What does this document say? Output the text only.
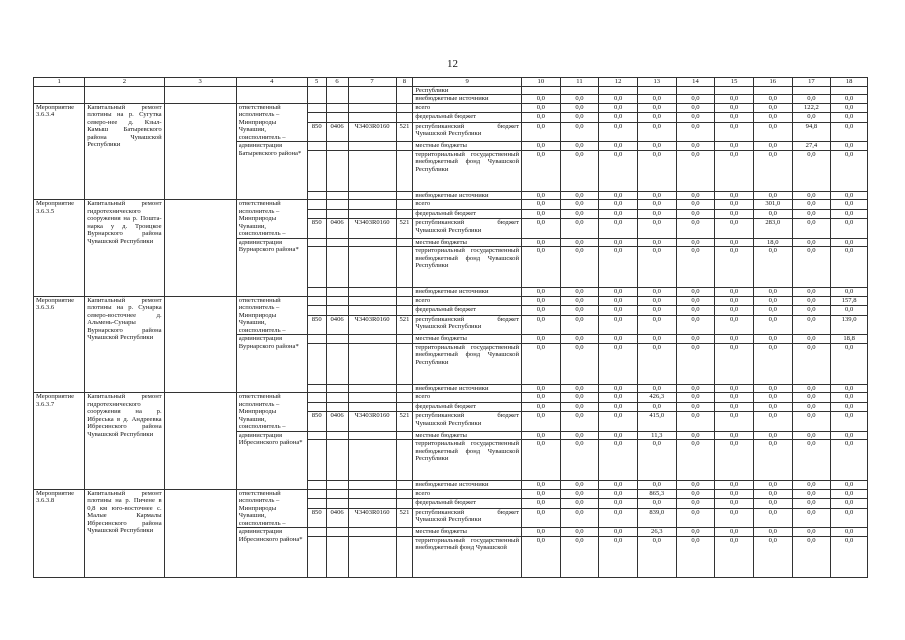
12
1	2	3	4	5	6	7	8	9	10	11	12	13	14	15	16	17	18
								Республики									
								внебюджетные источники	0,0	0,0	0,0	0,0	0,0	0,0	0,0	0,0	0,0
Мероприятие 3.6.3.4	Капитальный ремонт плотины на р. Сугутка северо-нее д. Кзыл-Камыш Батыревского района Чувашской Республики		ответственный исполнитель – Минприроды Чувашии, соисполнитель –					всего	0,0	0,0	0,0	0,0	0,0	0,0	0,0	122,2	0,0
								федеральный бюджет	0,0	0,0	0,0	0,0	0,0	0,0	0,0	0,0	0,0
				850	0406	Ч3403R0160	521	республиканский бюджет Чувашской Республики	0,0	0,0	0,0	0,0	0,0	0,0	0,0	94,8	0,0
			администрация Батыревского района*					местные бюджеты	0,0	0,0	0,0	0,0	0,0	0,0	0,0	27,4	0,0
								территориальный государственный внебюджетный фонд Чувашской Республики	0,0	0,0	0,0	0,0	0,0	0,0	0,0	0,0	0,0
								внебюджетные источники	0,0	0,0	0,0	0,0	0,0	0,0	0,0	0,0	0,0
Мероприятие 3.6.3.5	Капитальный ремонт гидротехнического сооружения на р. Пошта-нарка у д. Троицкое Вурнарского района Чувашской Республики		ответственный исполнитель – Минприроды Чувашии, соисполнитель –					всего	0,0	0,0	0,0	0,0	0,0	0,0	301,0	0,0	0,0
								федеральный бюджет	0,0	0,0	0,0	0,0	0,0	0,0	0,0	0,0	0,0
				850	0406	Ч3403R0160	521	республиканский бюджет Чувашской Республики	0,0	0,0	0,0	0,0	0,0	0,0	283,0	0,0	0,0
			администрация Вурнарского района*					местные бюджеты	0,0	0,0	0,0	0,0	0,0	0,0	18,0	0,0	0,0
								территориальный государственный внебюджетный фонд Чувашской Республики	0,0	0,0	0,0	0,0	0,0	0,0	0,0	0,0	0,0
								внебюджетные источники	0,0	0,0	0,0	0,0	0,0	0,0	0,0	0,0	0,0
Мероприятие 3.6.3.6	Капитальный ремонт плотины на р. Сунарка северо-восточнее д. Альмень-Сунары Вурнарского района Чувашской Республики		ответственный исполнитель – Минприроды Чувашии, соисполнитель –					всего	0,0	0,0	0,0	0,0	0,0	0,0	0,0	0,0	157,8
								федеральный бюджет	0,0	0,0	0,0	0,0	0,0	0,0	0,0	0,0	0,0
				850	0406	Ч3403R0160	521	республиканский бюджет Чувашской Республики	0,0	0,0	0,0	0,0	0,0	0,0	0,0	0,0	139,0
			администрация Вурнарского района*					местные бюджеты	0,0	0,0	0,0	0,0	0,0	0,0	0,0	0,0	18,8
								территориальный государственный внебюджетный фонд Чувашской Республики	0,0	0,0	0,0	0,0	0,0	0,0	0,0	0,0	0,0
								внебюджетные источники	0,0	0,0	0,0	0,0	0,0	0,0	0,0	0,0	0,0
Мероприятие 3.6.3.7	Капитальный ремонт гидротехнического сооружения на р. Ибреська в д. Андреевка Ибресинского района Чувашской Республики		ответственный исполнитель – Минприроды Чувашии, соисполнитель –					всего	0,0	0,0	0,0	426,3	0,0	0,0	0,0	0,0	0,0
								федеральный бюджет	0,0	0,0	0,0	0,0	0,0	0,0	0,0	0,0	0,0
				850	0406	Ч3403R0160	521	республиканский бюджет Чувашской Республики	0,0	0,0	0,0	415,0	0,0	0,0	0,0	0,0	0,0
			администрация Ибресинского района*					местные бюджеты	0,0	0,0	0,0	11,3	0,0	0,0	0,0	0,0	0,0
								территориальный государственный внебюджетный фонд Чувашской Республики	0,0	0,0	0,0	0,0	0,0	0,0	0,0	0,0	0,0
								внебюджетные источники	0,0	0,0	0,0	0,0	0,0	0,0	0,0	0,0	0,0
Мероприятие 3.6.3.8	Капитальный ремонт плотины на р. Пичене в 0,8 км юго-восточнее с. Малые Кармалы Ибресинского района Чувашской Республики		ответственный исполнитель – Минприроды Чувашии, соисполнитель –					всего	0,0	0,0	0,0	865,3	0,0	0,0	0,0	0,0	0,0
								федеральный бюджет	0,0	0,0	0,0	0,0	0,0	0,0	0,0	0,0	0,0
				850	0406	Ч3403R0160	521	республиканский бюджет Чувашской Республики	0,0	0,0	0,0	839,0	0,0	0,0	0,0	0,0	0,0
			администрация Ибресинского района*					местные бюджеты	0,0	0,0	0,0	26,3	0,0	0,0	0,0	0,0	0,0
								территориальный государственный внебюджетный фонд Чувашской	0,0	0,0	0,0	0,0	0,0	0,0	0,0	0,0	0,0
